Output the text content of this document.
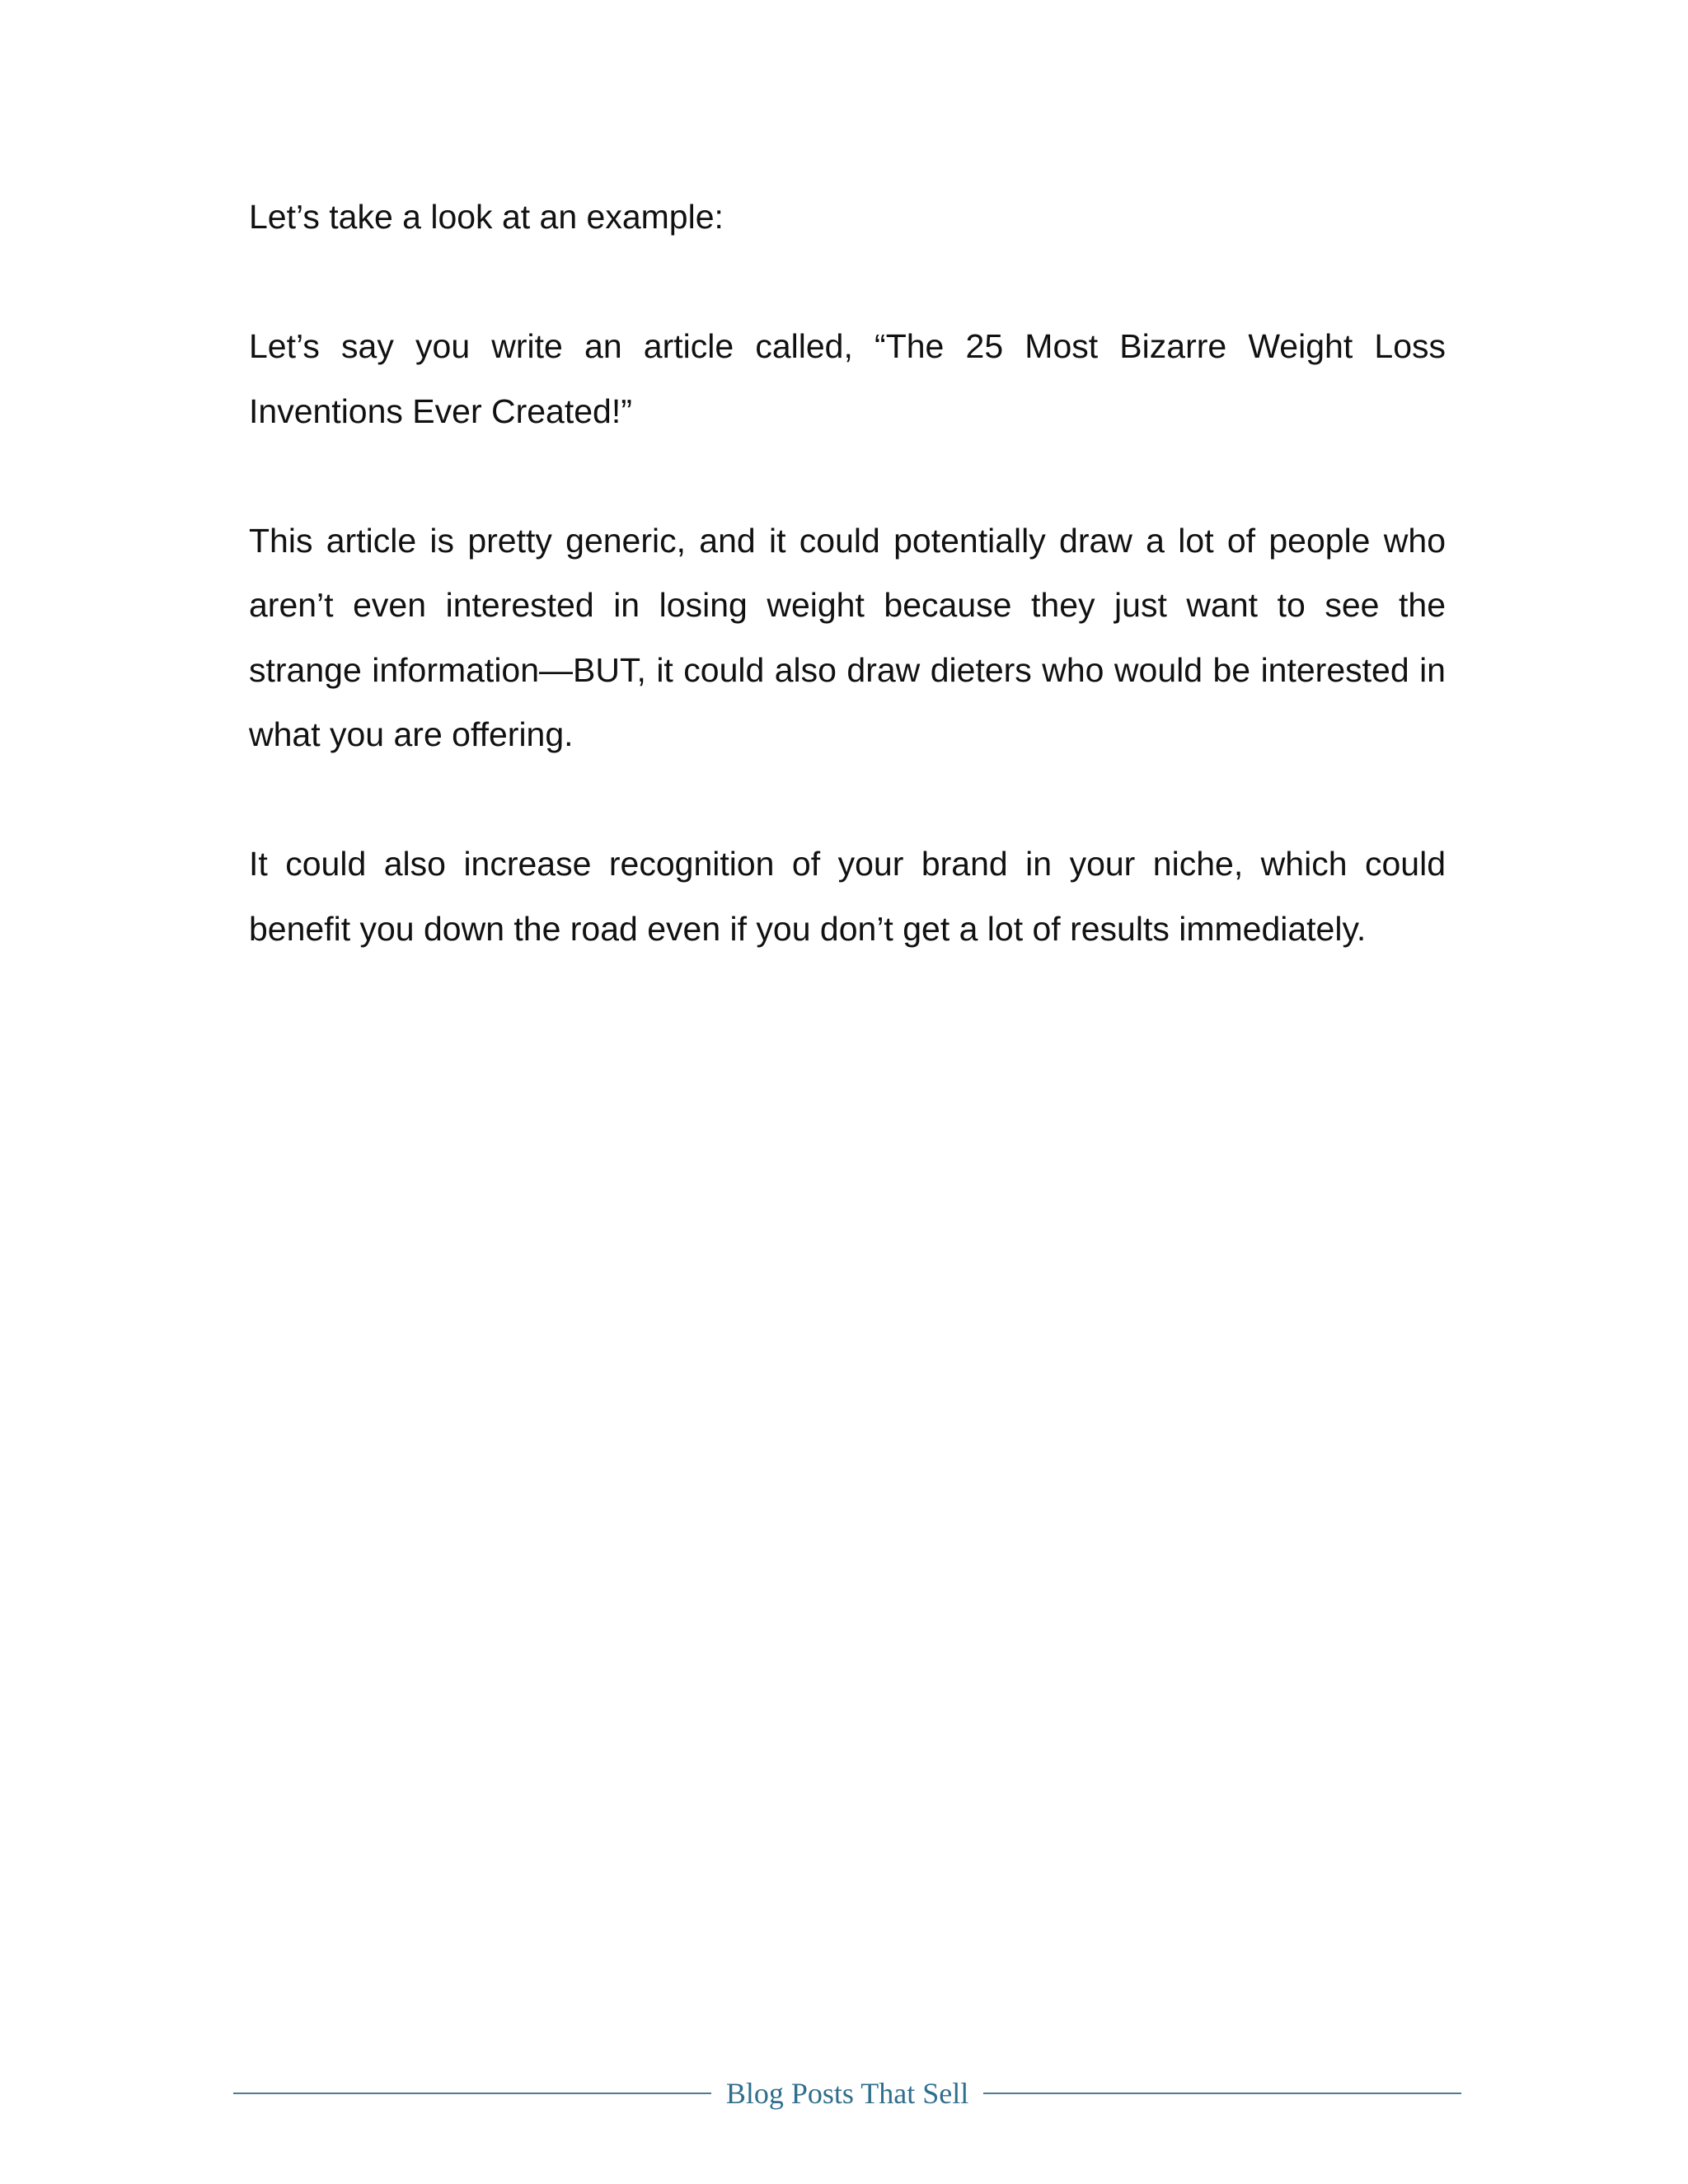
Let’s take a look at an example:

Let’s say you write an article called, “The 25 Most Bizarre Weight Loss Inventions Ever Created!”

This article is pretty generic, and it could potentially draw a lot of people who aren’t even interested in losing weight because they just want to see the strange information—BUT, it could also draw dieters who would be interested in what you are offering.

It could also increase recognition of your brand in your niche, which could benefit you down the road even if you don’t get a lot of results immediately.

Blog Posts That Sell
